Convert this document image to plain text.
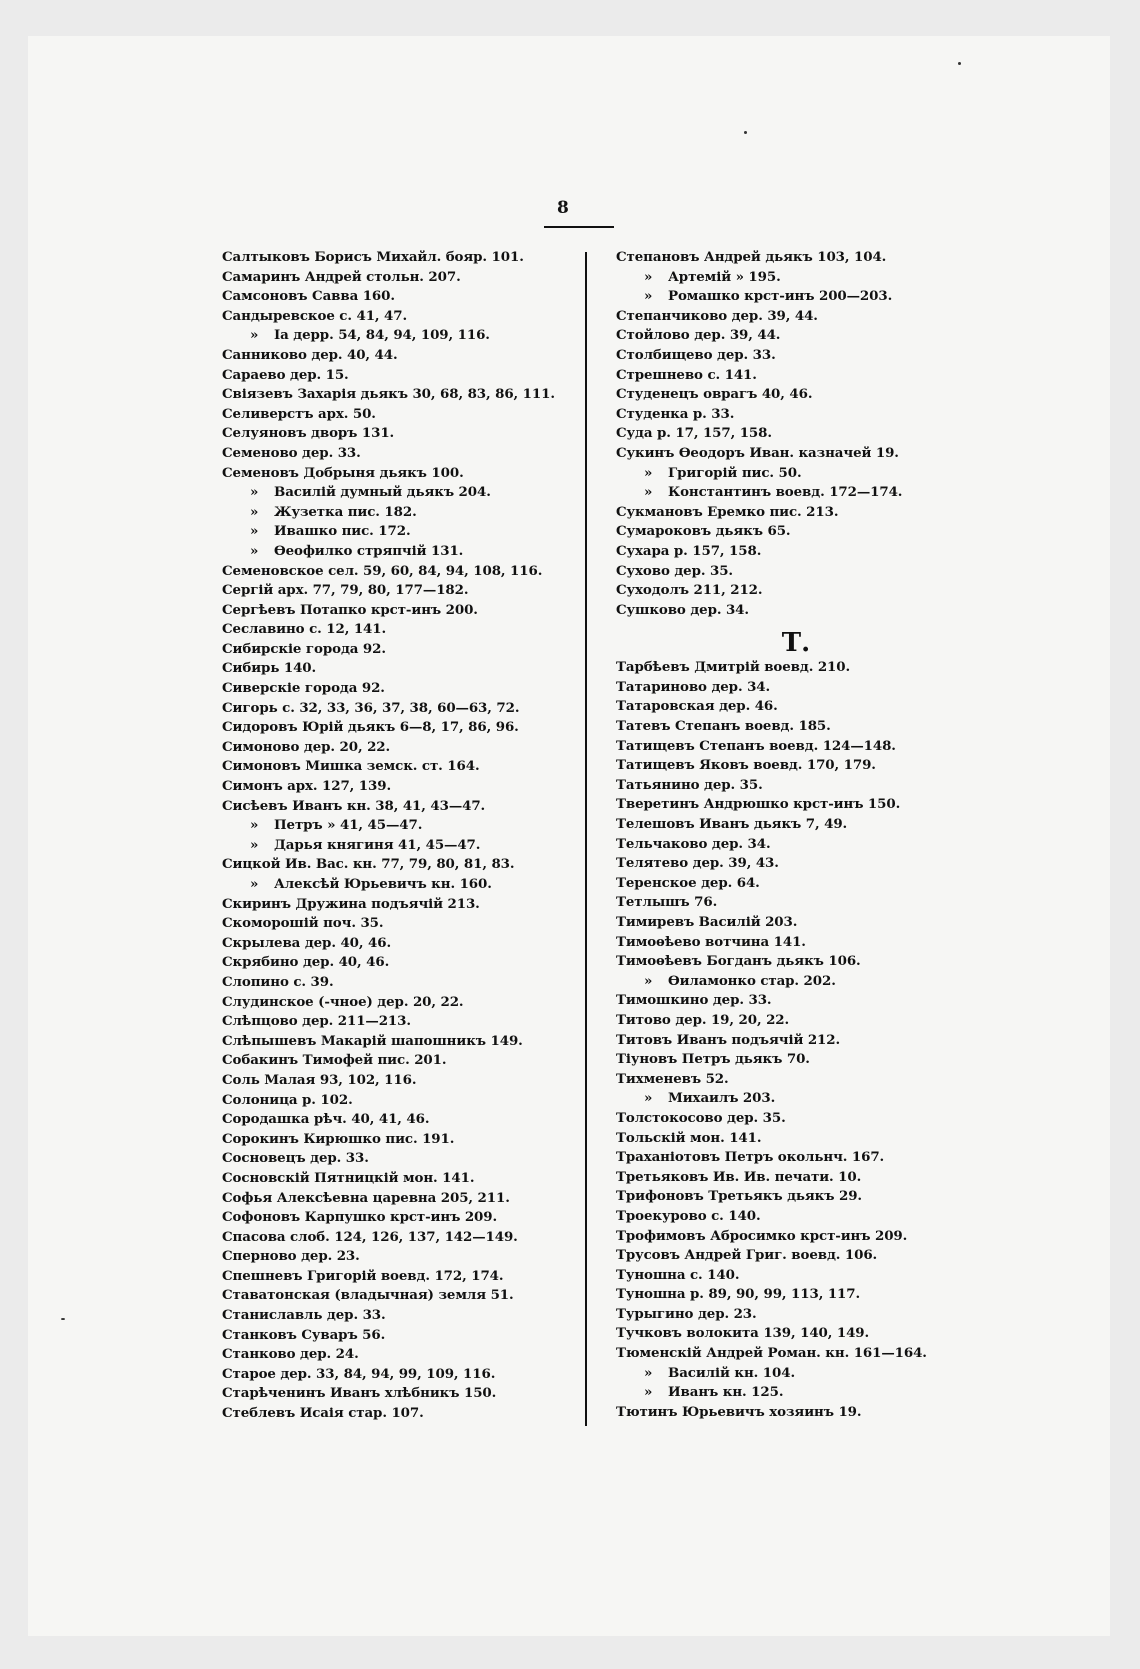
8
Салтыковъ Борисъ Михайл. бояр. 101.
Самаринъ Андрей стольн. 207.
Самсоновъ Савва 160.
Сандыревское с. 41, 47.
» Ia дерр. 54, 84, 94, 109, 116.
Санниково дер. 40, 44.
Сараево дер. 15.
Свіязевъ Захарія дьякъ 30, 68, 83, 86, 111.
Селиверстъ арх. 50.
Селуяновъ дворъ 131.
Семеново дер. 33.
Семеновъ Добрыня дьякъ 100.
» Василій думный дьякъ 204.
» Жузетка пис. 182.
» Ивашко пис. 172.
» Өеофилко стряпчій 131.
Семеновское сел. 59, 60, 84, 94, 108, 116.
Сергій арх. 77, 79, 80, 177—182.
Сергѣевъ Потапко крст-инъ 200.
Сеславино с. 12, 141.
Сибирскіе города 92.
Сибирь 140.
Сиверскіе города 92.
Сигорь с. 32, 33, 36, 37, 38, 60—63, 72.
Сидоровъ Юрій дьякъ 6—8, 17, 86, 96.
Симоново дер. 20, 22.
Симоновъ Мишка земск. ст. 164.
Симонъ арх. 127, 139.
Сисѣевъ Иванъ кн. 38, 41, 43—47.
» Петръ » 41, 45—47.
» Дарья княгиня 41, 45—47.
Сицкой Ив. Вас. кн. 77, 79, 80, 81, 83.
» Алексѣй Юрьевичъ кн. 160.
Скиринъ Дружина подъячій 213.
Скоморошій поч. 35.
Скрылева дер. 40, 46.
Скрябино дер. 40, 46.
Слопино с. 39.
Слудинское (-чное) дер. 20, 22.
Слѣпцово дер. 211—213.
Слѣпышевъ Макарій шапошникъ 149.
Собакинъ Тимофей пис. 201.
Соль Малая 93, 102, 116.
Солоница р. 102.
Сородашка рѣч. 40, 41, 46.
Сорокинъ Кирюшко пис. 191.
Сосновецъ дер. 33.
Сосновскій Пятницкій мон. 141.
Софья Алексѣевна царевна 205, 211.
Софоновъ Карпушко крст-инъ 209.
Спасова слоб. 124, 126, 137, 142—149.
Сперново дер. 23.
Спешневъ Григорій воевд. 172, 174.
Ставатонская (владычная) земля 51.
Станиславль дер. 33.
Станковъ Суваръ 56.
Станково дер. 24.
Старое дер. 33, 84, 94, 99, 109, 116.
Старѣченинъ Иванъ хлѣбникъ 150.
Стеблевъ Исаія стар. 107.
Степановъ Андрей дьякъ 103, 104.
» Артемій » 195.
» Ромашко крст-инъ 200—203.
Степанчиково дер. 39, 44.
Стойлово дер. 39, 44.
Столбищево дер. 33.
Стрешнево с. 141.
Студенецъ оврагъ 40, 46.
Студенка р. 33.
Суда р. 17, 157, 158.
Сукинъ Өеодоръ Иван. казначей 19.
» Григорій пис. 50.
» Константинъ воевд. 172—174.
Сукмановъ Еремко пис. 213.
Сумароковъ дьякъ 65.
Сухара р. 157, 158.
Сухово дер. 35.
Суходолъ 211, 212.
Сушково дер. 34.
Т.
Тарбѣевъ Дмитрій воевд. 210.
Татариново дер. 34.
Татаровская дер. 46.
Татевъ Степанъ воевд. 185.
Татищевъ Степанъ воевд. 124—148.
Татищевъ Яковъ воевд. 170, 179.
Татьянино дер. 35.
Тверетинъ Андрюшко крст-инъ 150.
Телешовъ Иванъ дьякъ 7, 49.
Тельчаково дер. 34.
Телятево дер. 39, 43.
Теренское дер. 64.
Тетлышъ 76.
Тимиревъ Василій 203.
Тимоѳѣево вотчина 141.
Тимоѳѣевъ Богданъ дьякъ 106.
» Өиламонко стар. 202.
Тимошкино дер. 33.
Титово дер. 19, 20, 22.
Титовъ Иванъ подъячій 212.
Тіуновъ Петръ дьякъ 70.
Тихменевъ 52.
» Михаилъ 203.
Толстокосово дер. 35.
Тольскій мон. 141.
Траханіотовъ Петръ окольнч. 167.
Третьяковъ Ив. Ив. печати. 10.
Трифоновъ Третьякъ дьякъ 29.
Троекурово с. 140.
Трофимовъ Абросимко крст-инъ 209.
Трусовъ Андрей Григ. воевд. 106.
Туношна с. 140.
Туношна р. 89, 90, 99, 113, 117.
Турыгино дер. 23.
Тучковъ волокита 139, 140, 149.
Тюменскій Андрей Роман. кн. 161—164.
» Василій кн. 104.
» Иванъ кн. 125.
Тютинъ Юрьевичъ хозяинъ 19.
